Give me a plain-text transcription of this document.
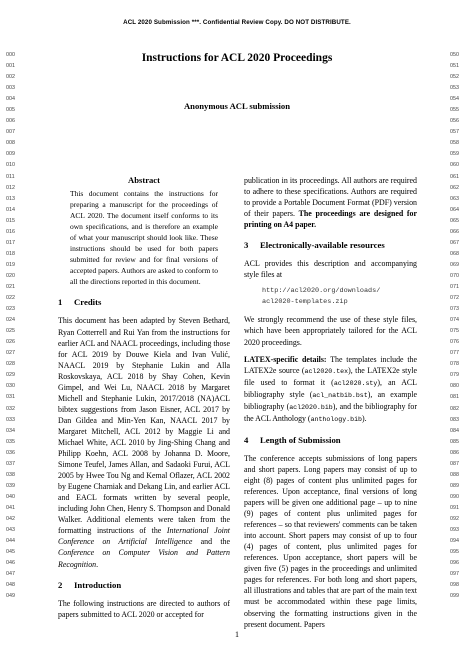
ACL 2020 Submission ***. Confidential Review Copy. DO NOT DISTRIBUTE.
000
001
002
003
004
005
006
007
008
009
010
011
012
013
014
015
016
017
018
019
020
021
022
023
024
025
026
027
028
029
030
031
032
033
034
035
036
037
038
039
040
041
042
043
044
045
046
047
048
049
050
051
052
053
054
055
056
057
058
059
060
061
062
063
064
065
066
067
068
069
070
071
072
073
074
075
076
077
078
079
080
081
082
083
084
085
086
087
088
089
090
091
092
093
094
095
096
097
098
099
Instructions for ACL 2020 Proceedings
Anonymous ACL submission
Abstract

This document contains the instructions for preparing a manuscript for the proceedings of ACL 2020. The document itself conforms to its own specifications, and is therefore an example of what your manuscript should look like. These instructions should be used for both papers submitted for review and for final versions of accepted papers. Authors are asked to conform to all the directions reported in this document.

1 Credits

This document has been adapted by Steven Bethard, Ryan Cotterrell and Rui Yan from the instructions for earlier ACL and NAACL proceedings, including those for ACL 2019 by Douwe Kiela and Ivan Vulić, NAACL 2019 by Stephanie Lukin and Alla Roskovskaya, ACL 2018 by Shay Cohen, Kevin Gimpel, and Wei Lu, NAACL 2018 by Margaret Michell and Stephanie Lukin, 2017/2018 (NA)ACL bibtex suggestions from Jason Eisner, ACL 2017 by Dan Gildea and Min-Yen Kan, NAACL 2017 by Margaret Mitchell, ACL 2012 by Maggie Li and Michael White, ACL 2010 by Jing-Shing Chang and Philipp Koehn, ACL 2008 by Johanna D. Moore, Simone Teufel, James Allan, and Sadaoki Furui, ACL 2005 by Hwee Tou Ng and Kemal Oflazer, ACL 2002 by Eugene Charniak and Dekang Lin, and earlier ACL and EACL formats written by several people, including John Chen, Henry S. Thompson and Donald Walker. Additional elements were taken from the formatting instructions of the International Joint Conference on Artificial Intelligence and the Conference on Computer Vision and Pattern Recognition.

2 Introduction

The following instructions are directed to authors of papers submitted to ACL 2020 or accepted for

publication in its proceedings. All authors are required to adhere to these specifications. Authors are required to provide a Portable Document Format (PDF) version of their papers. The proceedings are designed for printing on A4 paper.

3 Electronically-available resources

ACL provides this description and accompanying style files at

http://acl2020.org/downloads/
acl2020-templates.zip

We strongly recommend the use of these style files, which have been appropriately tailored for the ACL 2020 proceedings.

LATEX-specific details: The templates include the LATEX2e source (acl2020.tex), the LATEX2e style file used to format it (acl2020.sty), an ACL bibliography style (acl_natbib.bst), an example bibliography (acl2020.bib), and the bibliography for the ACL Anthology (anthology.bib).

4 Length of Submission

The conference accepts submissions of long papers and short papers. Long papers may consist of up to eight (8) pages of content plus unlimited pages for references. Upon acceptance, final versions of long papers will be given one additional page – up to nine (9) pages of content plus unlimited pages for references – so that reviewers' comments can be taken into account. Short papers may consist of up to four (4) pages of content, plus unlimited pages for references. Upon acceptance, short papers will be given five (5) pages in the proceedings and unlimited pages for references. For both long and short papers, all illustrations and tables that are part of the main text must be accommodated within these page limits, observing the formatting instructions given in the present document. Papers

1
